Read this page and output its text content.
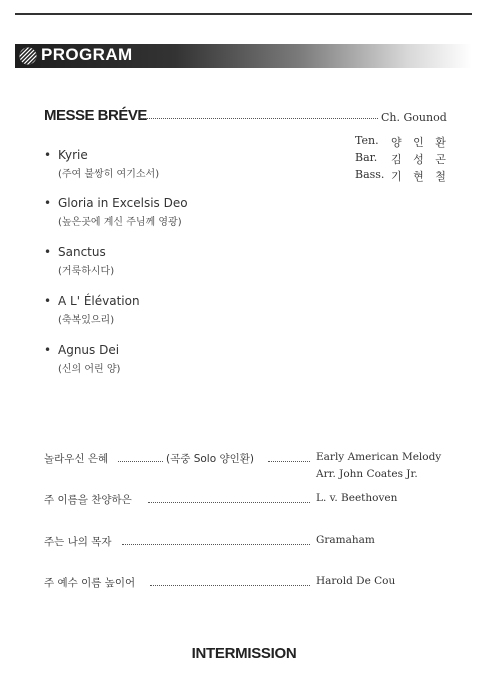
PROGRAM
MESSE BRÉVE	Ch. Gounod
Ten. 양 인 환
Bar. 김 성 곤
Bass. 기 현 철
• Kyrie
(주여 불쌍히 여기소서)
• Gloria in Excelsis Deo
(높은곳에 계신 주님께 영광)
• Sanctus
(거룩하시다)
• A L' Élévation
(축복있으리)
• Agnus Dei
(신의 어린 양)
놀라우신 은혜	(곡중 Solo 양인환)	Early American Melody
Arr. John Coates Jr.
주 이름을 찬양하은	L. v. Beethoven
주는 나의 목자	Gramaham
주 예수 이름 높이어	Harold De Cou
INTERMISSION
